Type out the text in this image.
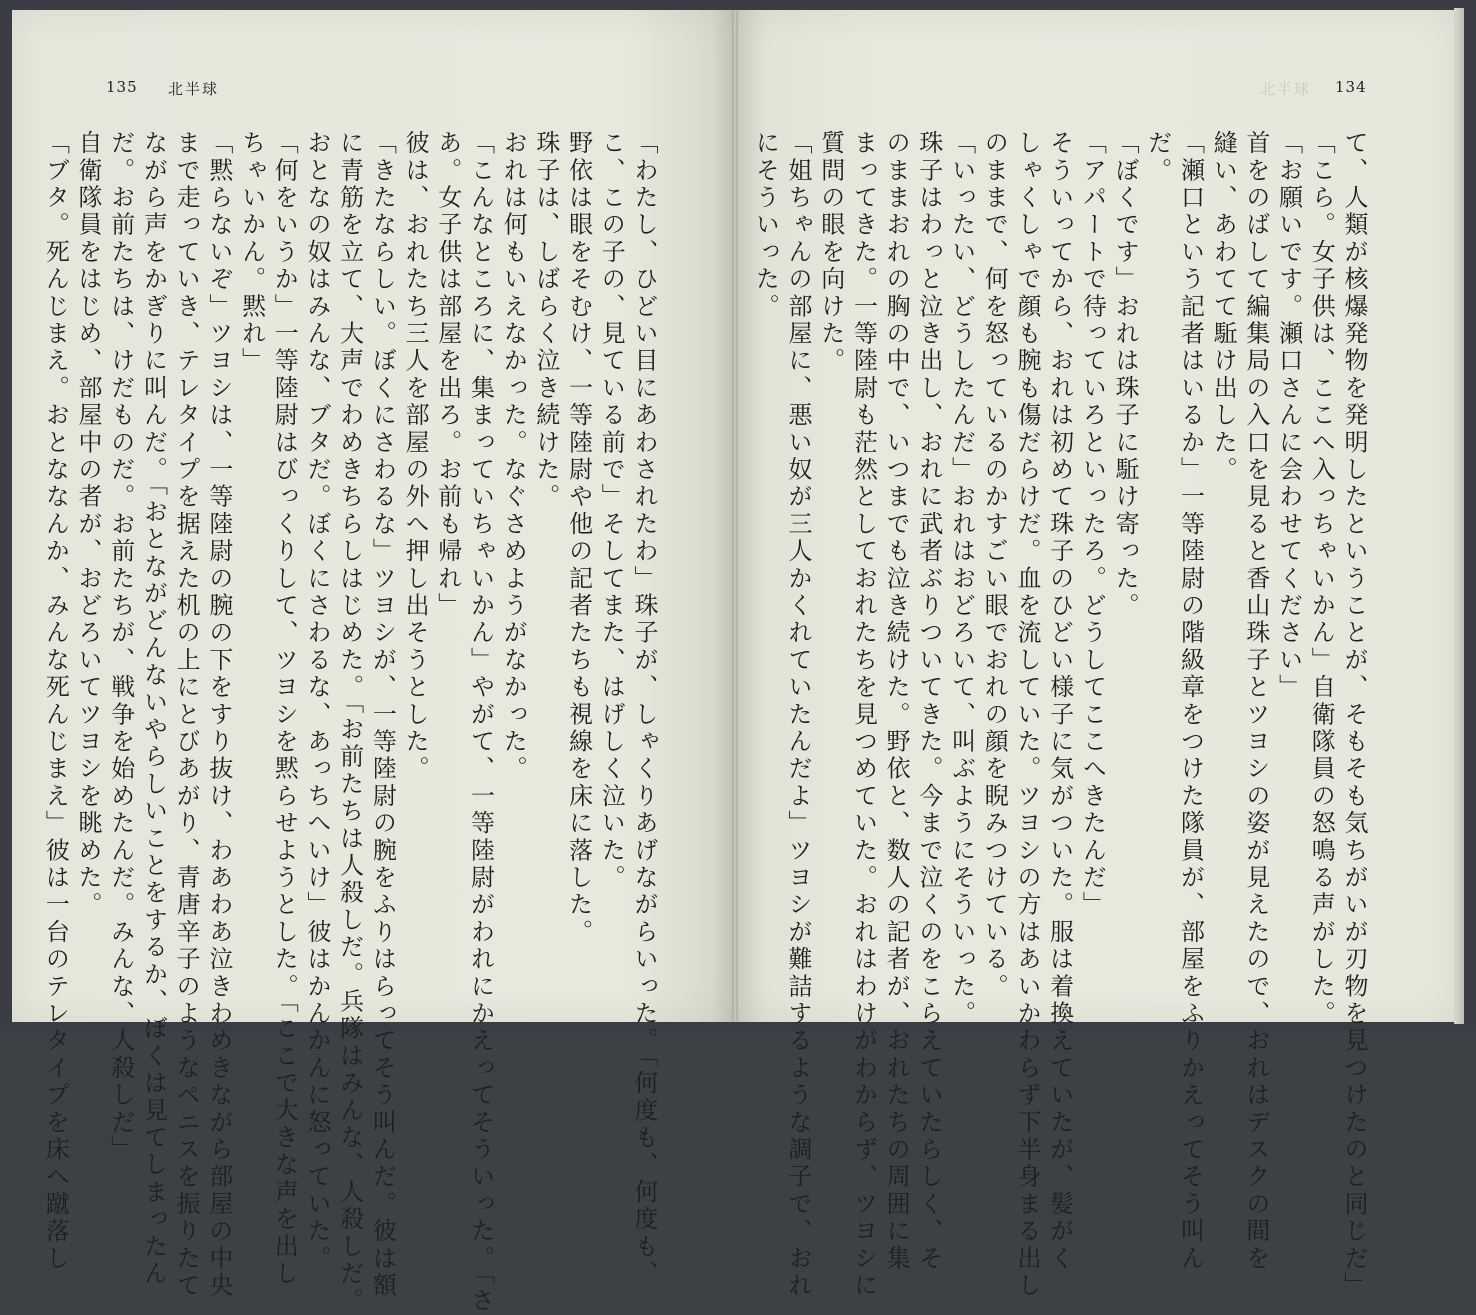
135 北半球	北半球 134
「わたし、ひどい目にあわされたわ」珠子が、しゃくりあげながらいった。「何度も、何度も、
こ、この子の、見ている前で」そしてまた、はげしく泣いた。
野依は眼をそむけ、一等陸尉や他の記者たちも視線を床に落した。
珠子は、しばらく泣き続けた。
おれは何もいえなかった。なぐさめようがなかった。
「こんなところに、集まっていちゃいかん」やがて、一等陸尉がわれにかえってそういった。「さ
あ。女子供は部屋を出ろ。お前も帰れ」
彼は、おれたち三人を部屋の外へ押し出そうとした。
「きたならしい。ぼくにさわるな」ツヨシが、一等陸尉の腕をふりはらってそう叫んだ。彼は額
に青筋を立て、大声でわめきちらしはじめた。「お前たちは人殺しだ。兵隊はみんな、人殺しだ。
おとなの奴はみんな、ブタだ。ぼくにさわるな、あっちへいけ」彼はかんかんに怒っていた。
「何をいうか」一等陸尉はびっくりして、ツヨシを黙らせようとした。「ここで大きな声を出し
ちゃいかん。黙れ」
「黙らないぞ」ツヨシは、一等陸尉の腕の下をすり抜け、わあわあ泣きわめきながら部屋の中央
まで走っていき、テレタイプを据えた机の上にとびあがり、青唐辛子のようなペニスを振りたて
ながら声をかぎりに叫んだ。「おとながどんないやらしいことをするか、ぼくは見てしまったん
だ。お前たちは、けだものだ。お前たちが、戦争を始めたんだ。みんな、人殺しだ」
自衛隊員をはじめ、部屋中の者が、おどろいてツヨシを眺めた。
「ブタ。死んじまえ。おとななんか、みんな死んじまえ」彼は一台のテレタイプを床へ蹴落し	て、人類が核爆発物を発明したということが、そもそも気ちがいが刃物を見つけたのと同じだ」
「こら。女子供は、ここへ入っちゃいかん」自衛隊員の怒鳴る声がした。
「お願いです。瀬口さんに会わせてください」
首をのばして編集局の入口を見ると香山珠子とツヨシの姿が見えたので、おれはデスクの間を
縫い、あわてて駈け出した。
「瀬口という記者はいるか」一等陸尉の階級章をつけた隊員が、部屋をふりかえってそう叫ん
だ。
「ぼくです」おれは珠子に駈け寄った。
「アパートで待っていろといったろ。どうしてここへきたんだ」
そういってから、おれは初めて珠子のひどい様子に気がついた。服は着換えていたが、髪がく
しゃくしゃで顔も腕も傷だらけだ。血を流していた。ツヨシの方はあいかわらず下半身まる出し
のままで、何を怒っているのかすごい眼でおれの顔を睨みつけている。
「いったい、どうしたんだ」おれはおどろいて、叫ぶようにそういった。
珠子はわっと泣き出し、おれに武者ぶりついてきた。今まで泣くのをこらえていたらしく、そ
のままおれの胸の中で、いつまでも泣き続けた。野依と、数人の記者が、おれたちの周囲に集
まってきた。一等陸尉も茫然としておれたちを見つめていた。おれはわけがわからず、ツヨシに
質問の眼を向けた。
「姐ちゃんの部屋に、悪い奴が三人かくれていたんだよ」ツヨシが難詰するような調子で、おれ
にそういった。
